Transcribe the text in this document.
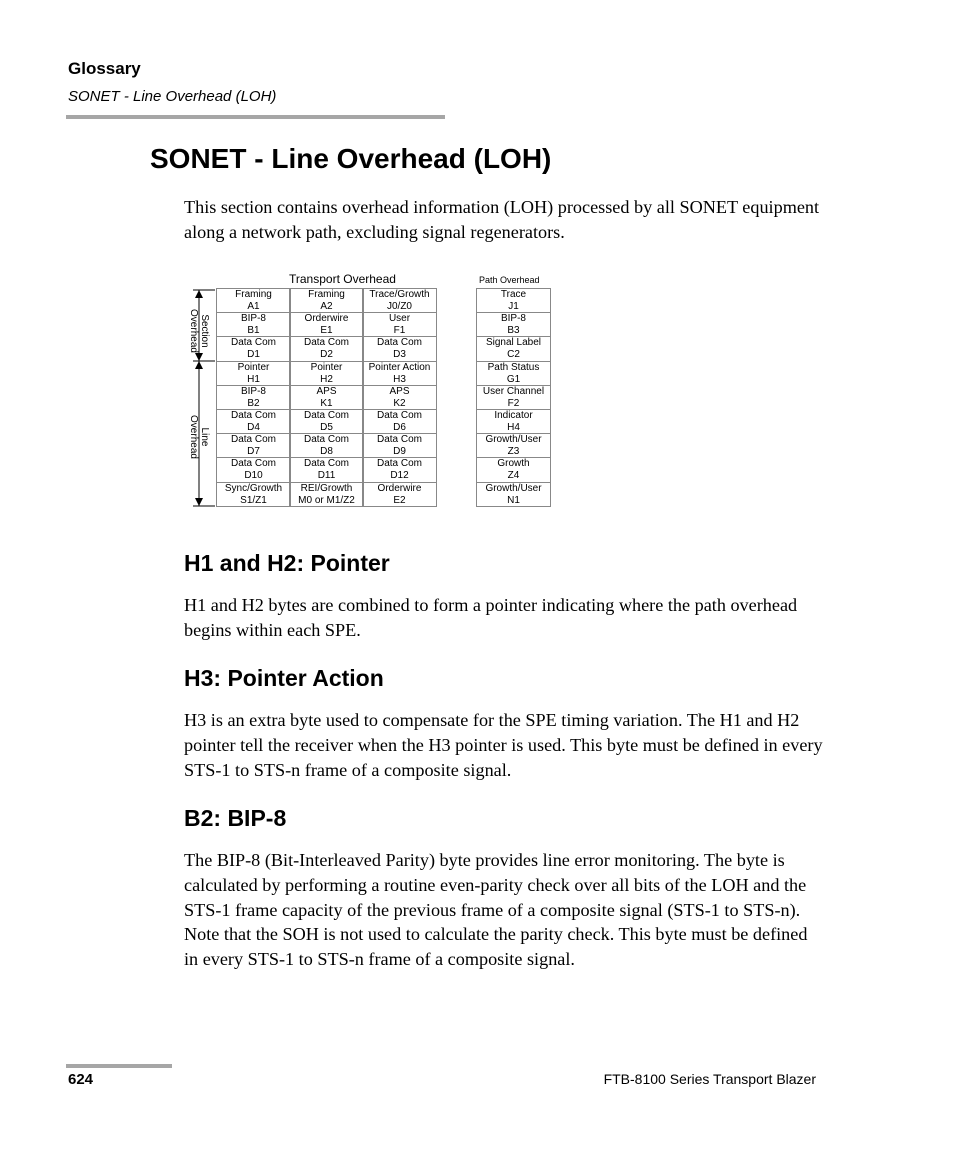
Glossary
SONET - Line Overhead (LOH)
SONET - Line Overhead (LOH)
This section contains overhead information (LOH) processed by all SONET equipment along a network path, excluding signal regenerators.
Transport Overhead	Path Overhead
Section
Overhead
Line
Overhead
Framing
A1
Framing
A2
Trace/Growth
J0/Z0
BIP-8
B1
Orderwire
E1
User
F1
Data Com
D1
Data Com
D2
Data Com
D3
Pointer
H1
Pointer
H2
Pointer Action
H3
BIP-8
B2
APS
K1
APS
K2
Data Com
D4
Data Com
D5
Data Com
D6
Data Com
D7
Data Com
D8
Data Com
D9
Data Com
D10
Data Com
D11
Data Com
D12
Sync/Growth
S1/Z1
REI/Growth
M0 or M1/Z2
Orderwire
E2
Trace
J1
BIP-8
B3
Signal Label
C2
Path Status
G1
User Channel
F2
Indicator
H4
Growth/User
Z3
Growth
Z4
Growth/User
N1
H1 and H2: Pointer
H1 and H2 bytes are combined to form a pointer indicating where the path overhead begins within each SPE.
H3: Pointer Action
H3 is an extra byte used to compensate for the SPE timing variation. The H1 and H2 pointer tell the receiver when the H3 pointer is used. This byte must be defined in every STS-1 to STS-n frame of a composite signal.
B2: BIP-8
The BIP-8 (Bit-Interleaved Parity) byte provides line error monitoring. The byte is calculated by performing a routine even-parity check over all bits of the LOH and the STS-1 frame capacity of the previous frame of a composite signal (STS-1 to STS-n). Note that the SOH is not used to calculate the parity check. This byte must be defined in every STS-1 to STS-n frame of a composite signal.
624	FTB-8100 Series Transport Blazer
